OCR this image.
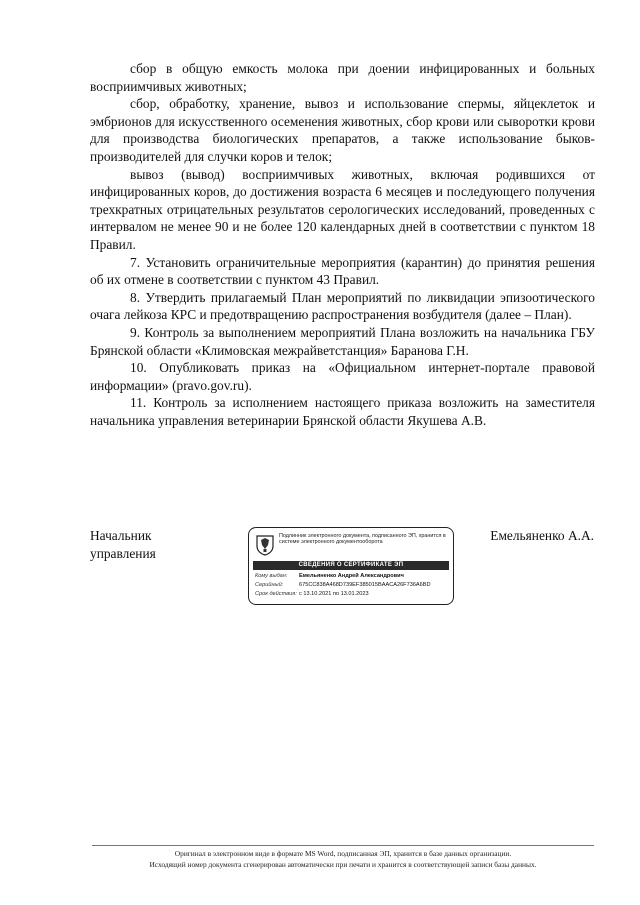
сбор в общую емкость молока при доении инфицированных и больных восприимчивых животных;

сбор, обработку, хранение, вывоз и использование спермы, яйцеклеток и эмбрионов для искусственного осеменения животных, сбор крови или сыворотки крови для производства биологических препаратов, а также использование быков-производителей для случки коров и телок;

вывоз (вывод) восприимчивых животных, включая родившихся от инфицированных коров, до достижения возраста 6 месяцев и последующего получения трехкратных отрицательных результатов серологических исследований, проведенных с интервалом не менее 90 и не более 120 календарных дней в соответствии с пунктом 18 Правил.

7. Установить ограничительные мероприятия (карантин) до принятия решения об их отмене в соответствии с пунктом 43 Правил.

8. Утвердить прилагаемый План мероприятий по ликвидации эпизоотического очага лейкоза КРС и предотвращению распространения возбудителя (далее – План).

9. Контроль за выполнением мероприятий Плана возложить на начальника ГБУ Брянской области «Климовская межрайветстанция» Баранова Г.Н.

10. Опубликовать приказ на «Официальном интернет-портале правовой информации» (pravo.gov.ru).

11. Контроль за исполнением настоящего приказа возложить на заместителя начальника управления ветеринарии Брянской области Якушева А.В.

Начальник
управления
Подлинник электронного документа, подписанного ЭП, хранится в системе электронного документооборота
СВЕДЕНИЯ О СЕРТИФИКАТЕ ЭП
Кому выдан: Емельяненко Андрей Александрович
Серийный:	675CC838A468D739EF385015BAACA26F736A6BD
Срок действия: с 13.10.2021 по 13.01.2023
Емельяненко А.А.
Оригинал в электронном виде в формате MS Word, подписанная ЭП, хранится в базе данных организации.
Исходящий номер документа сгенерирован автоматически при печати и хранится в соответствующей записи базы данных.
